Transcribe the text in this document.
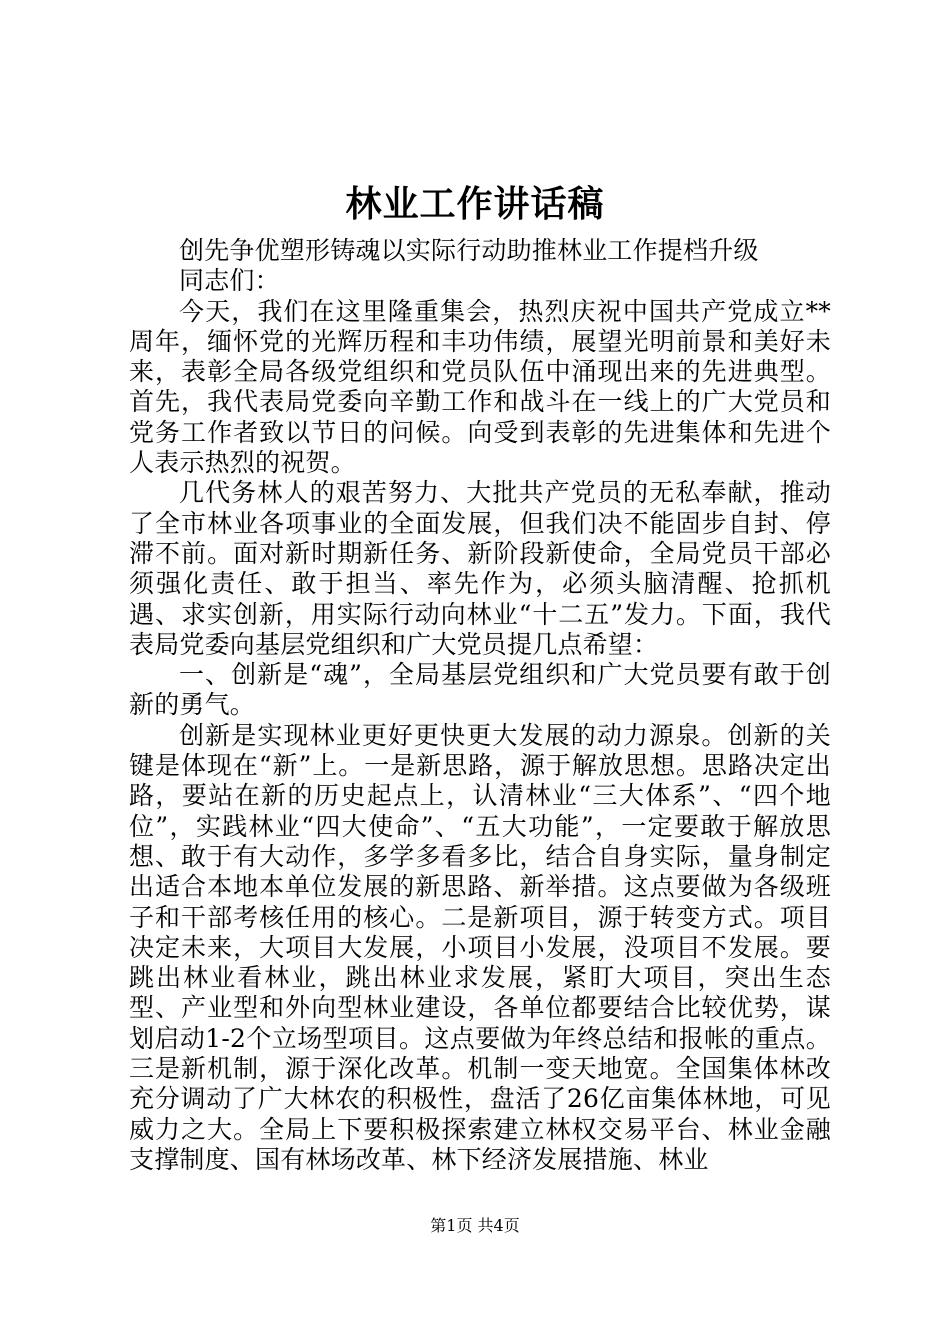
林业工作讲话稿

创先争优塑形铸魂以实际行动助推林业工作提档升级

同志们：

今天，我们在这里隆重集会，热烈庆祝中国共产党成立**周年，缅怀党的光辉历程和丰功伟绩，展望光明前景和美好未来，表彰全局各级党组织和党员队伍中涌现出来的先进典型。首先，我代表局党委向辛勤工作和战斗在一线上的广大党员和党务工作者致以节日的问候。向受到表彰的先进集体和先进个人表示热烈的祝贺。

几代务林人的艰苦努力、大批共产党员的无私奉献，推动了全市林业各项事业的全面发展，但我们决不能固步自封、停滞不前。面对新时期新任务、新阶段新使命，全局党员干部必须强化责任、敢于担当、率先作为，必须头脑清醒、抢抓机遇、求实创新，用实际行动向林业“十二五”发力。下面，我代表局党委向基层党组织和广大党员提几点希望：

一、创新是“魂”，全局基层党组织和广大党员要有敢于创新的勇气。

创新是实现林业更好更快更大发展的动力源泉。创新的关键是体现在“新”上。一是新思路，源于解放思想。思路决定出路，要站在新的历史起点上，认清林业“三大体系”、“四个地位”，实践林业“四大使命”、“五大功能”，一定要敢于解放思想、敢于有大动作，多学多看多比，结合自身实际，量身制定出适合本地本单位发展的新思路、新举措。这点要做为各级班子和干部考核任用的核心。二是新项目，源于转变方式。项目决定未来，大项目大发展，小项目小发展，没项目不发展。要跳出林业看林业，跳出林业求发展，紧盯大项目，突出生态型、产业型和外向型林业建设，各单位都要结合比较优势，谋划启动1-2个立场型项目。这点要做为年终总结和报帐的重点。三是新机制，源于深化改革。机制一变天地宽。全国集体林改充分调动了广大林农的积极性，盘活了26亿亩集体林地，可见威力之大。全局上下要积极探索建立林权交易平台、林业金融支撑制度、国有林场改革、林下经济发展措施、林业

第1页 共4页
